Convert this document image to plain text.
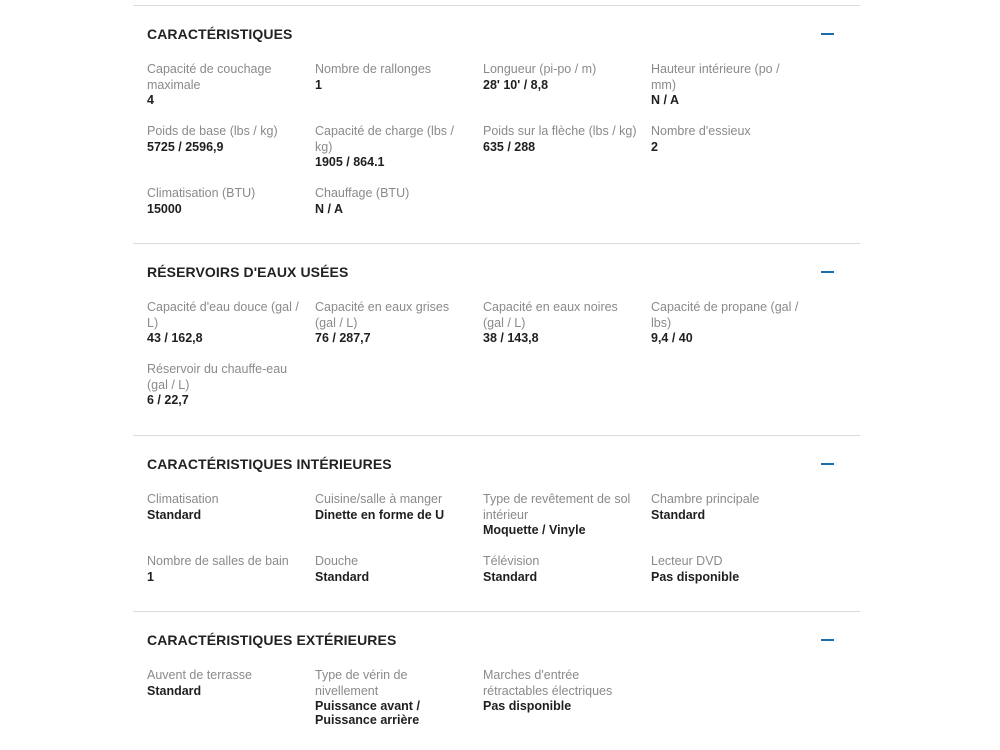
CARACTÉRISTIQUES
Capacité de couchage maximale
4
Nombre de rallonges
1
Longueur (pi-po / m)
28' 10' / 8,8
Hauteur intérieure (po / mm)
N / A
Poids de base (lbs / kg)
5725 / 2596,9
Capacité de charge (lbs / kg)
1905 / 864.1
Poids sur la flèche (lbs / kg)
635 / 288
Nombre d'essieux
2
Climatisation (BTU)
15000
Chauffage (BTU)
N / A
RÉSERVOIRS D'EAUX USÉES
Capacité d'eau douce (gal / L)
43 / 162,8
Capacité en eaux grises (gal / L)
76 / 287,7
Capacité en eaux noires (gal / L)
38 / 143,8
Capacité de propane (gal / lbs)
9,4 / 40
Réservoir du chauffe-eau (gal / L)
6 / 22,7
CARACTÉRISTIQUES INTÉRIEURES
Climatisation
Standard
Cuisine/salle à manger
Dinette en forme de U
Type de revêtement de sol intérieur
Moquette / Vinyle
Chambre principale
Standard
Nombre de salles de bain
1
Douche
Standard
Télévision
Standard
Lecteur DVD
Pas disponible
CARACTÉRISTIQUES EXTÉRIEURES
Auvent de terrasse
Standard
Type de vérin de nivellement
Puissance avant / Puissance arrière
Marches d'entrée rétractables électriques
Pas disponible
